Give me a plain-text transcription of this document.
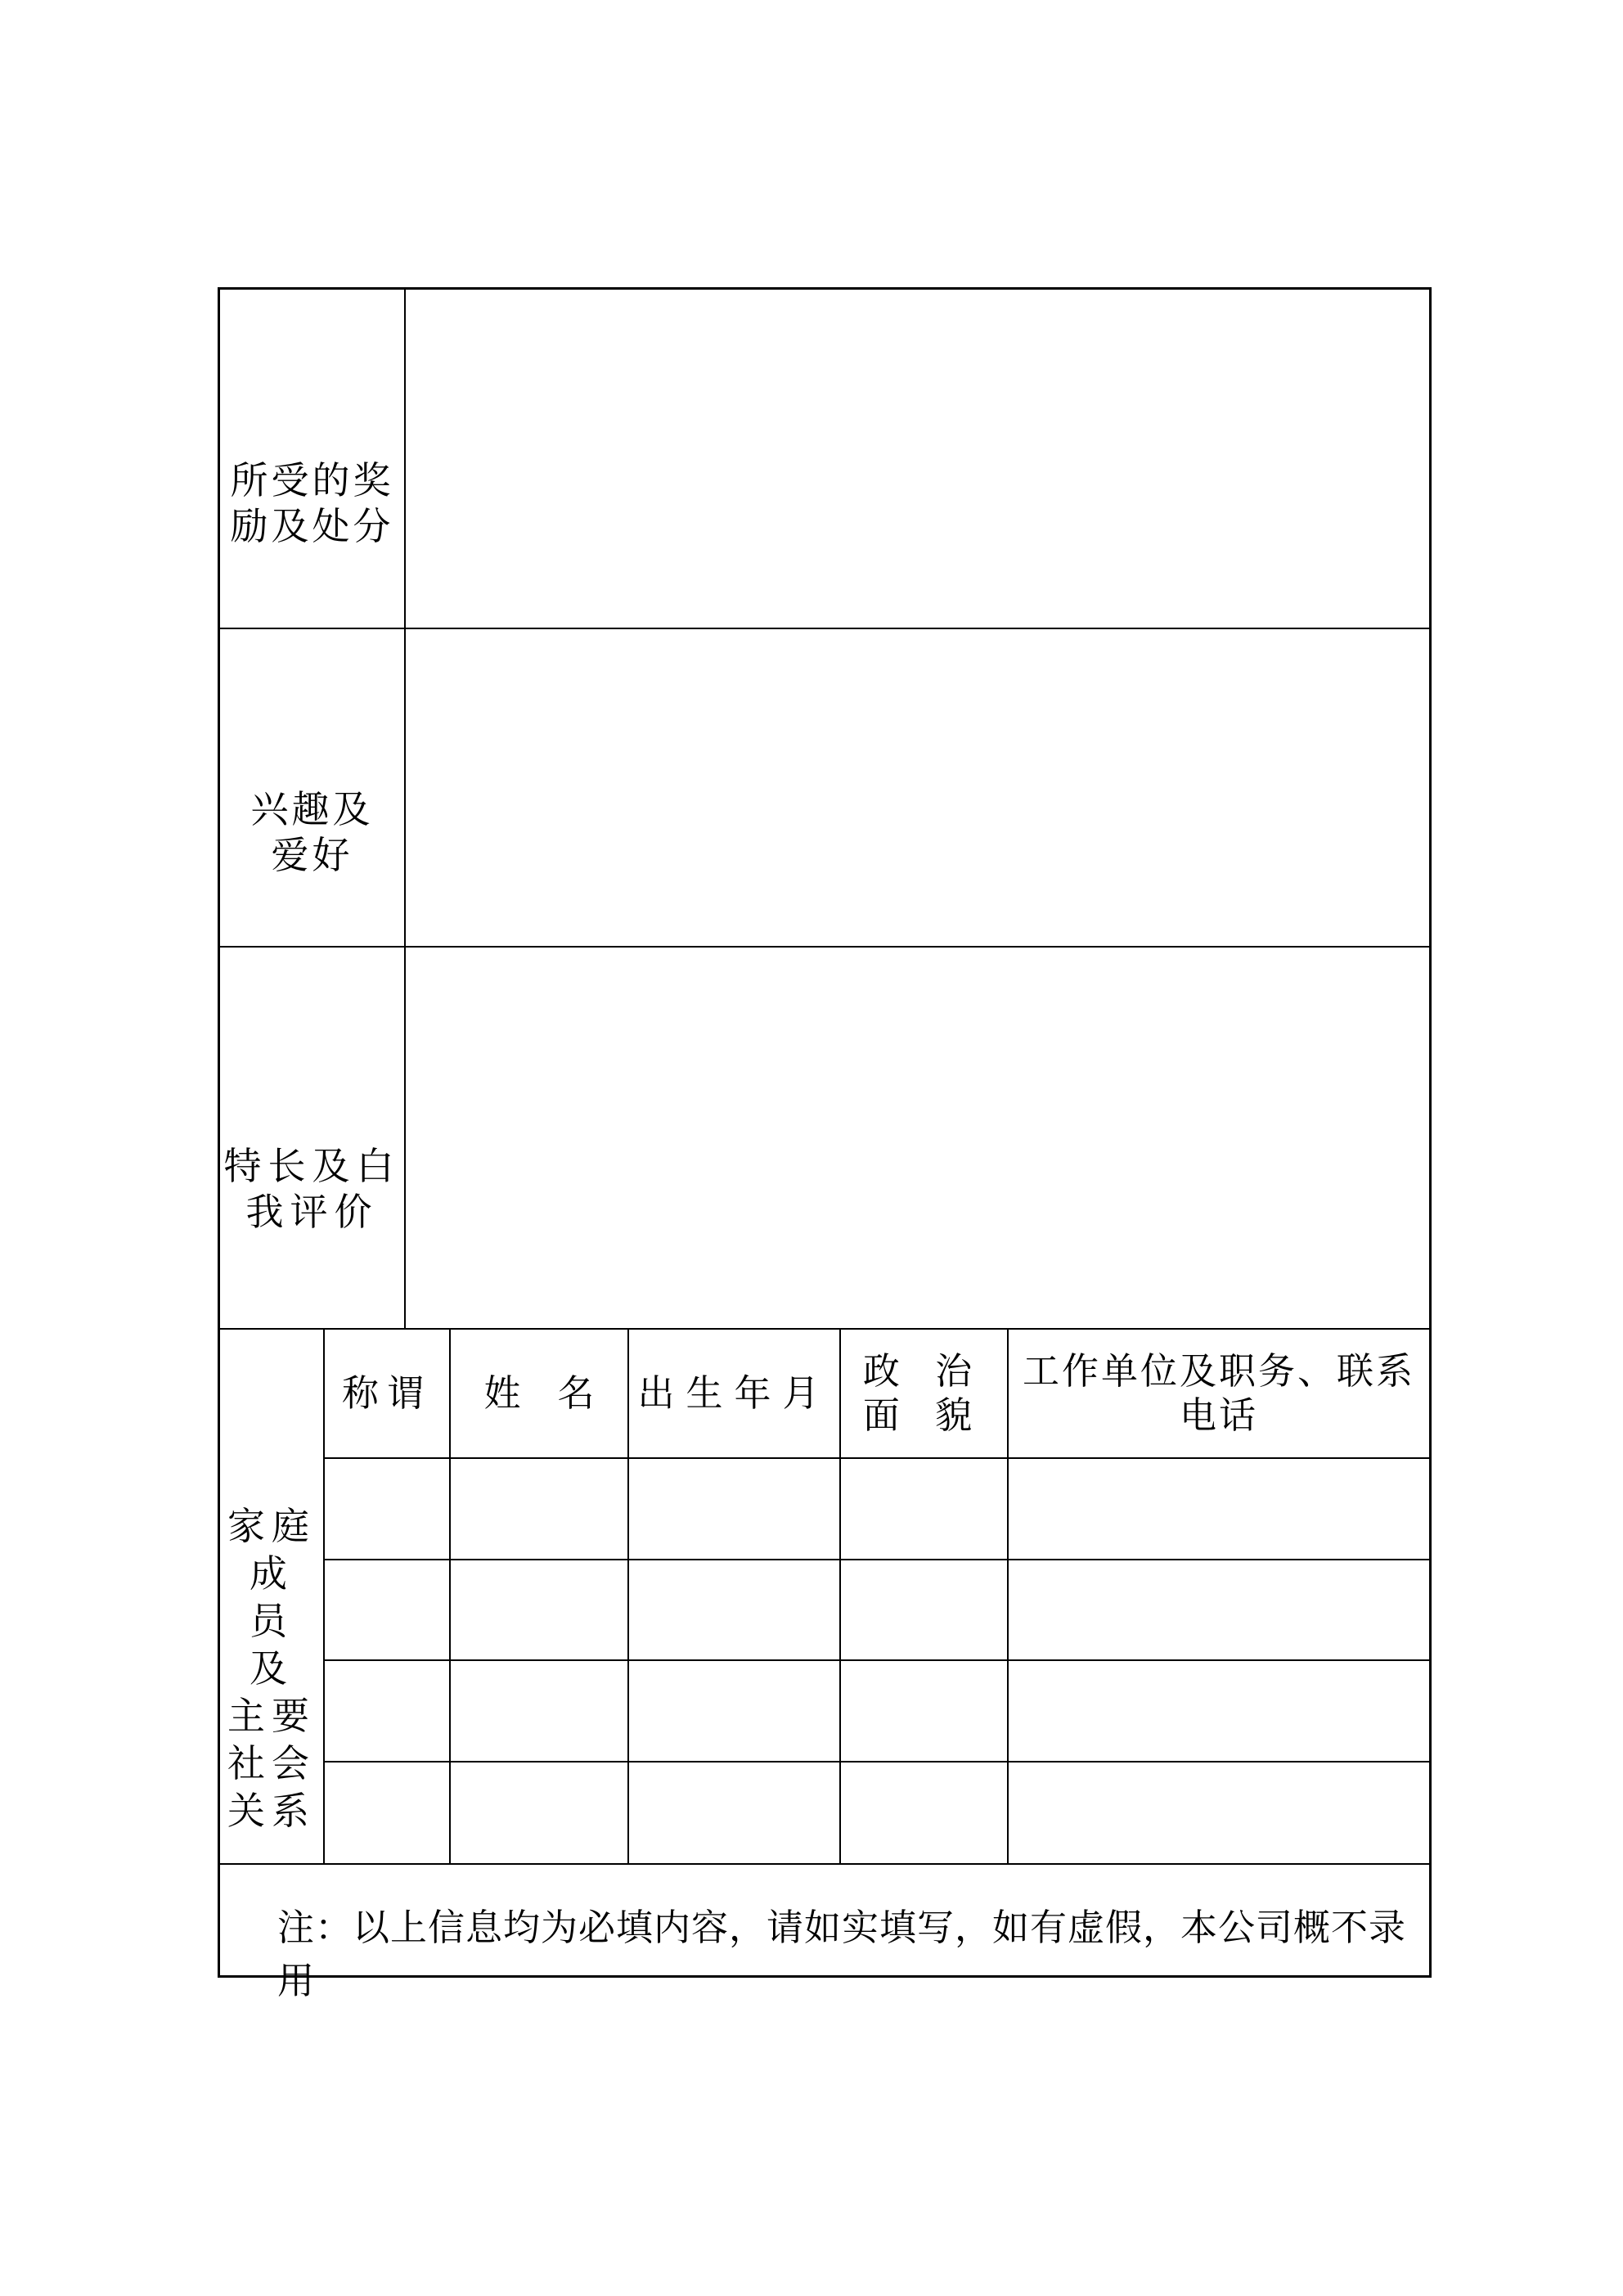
所受的奖
励及处分
兴趣及
爱好
特长及白
我评价
家庭
成 员
及
主要
社会
关系
称谓 姓　名 出生年月
政 治
面 貌
工作单位及职务、联系电话
注：以上信息均为必填内容，请如实填写，如有虚假，本公司概不录用
